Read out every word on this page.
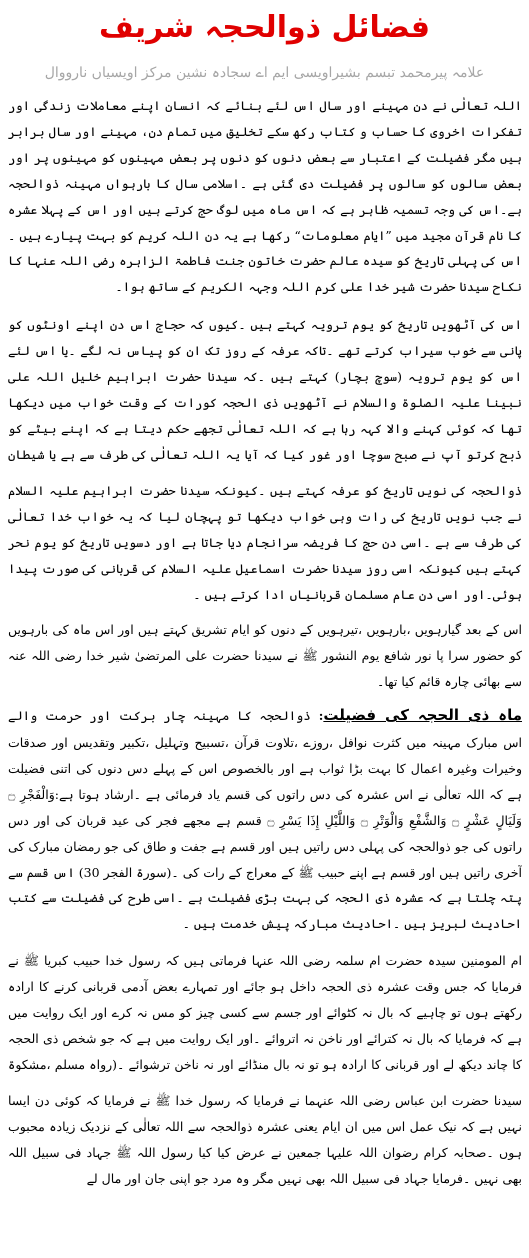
فضائل ذوالحجہ شریف
علامہ پیرمحمد تبسم بشیراویسی ایم اے سجادہ نشین مرکز اویسیاں نارووال

اللہ تعالٰی نے دن مہینے اور سال اس لئے بنائے کہ انسان اپنے معاملات زندگی اور تفکرات اخروی کا حساب و کتاب رکھ سکے تخلیق میں تمام دن، مہینے اور سال برابر ہیں مگر فضیلت کے اعتبار سے بعض دنوں کو دنوں پر بعض مہینوں کو مہینوں پر اور بعض سالوں کو سالوں پر فضیلت دی گئی ہے ۔اسلامی سال کا بارہواں مہینہ ذوالحجہ ہے۔اس کی وجہ تسمیہ ظاہر ہے کہ اس ماہ میں لوگ حج کرتے ہیں اور اس کے پہلا عشرہ کا نام قرآن مجید میں ”ایام معلومات“ رکھا ہے یہ دن اللہ کریم کو بہت پیارے ہیں ۔اس کی پہلی تاریخ کو سیدہ عالم حضرت خاتون جنت فاطمۃ الزاہرہ رضی اللہ عنہا کا نکاح سیدنا حضرت شیر خدا علی کرم اللہ وجہہ الکریم کے ساتھ ہوا۔

اس کی آٹھویں تاریخ کو یوم ترویہ کہتے ہیں ۔کیوں کہ حجاج اس دن اپنے اونٹوں کو پانی سے خوب سیراب کرتے تھے ۔تاکہ عرفہ کے روز تک ان کو پیاس نہ لگے ۔یا اس لئے اس کو یوم ترویہ (سوچ بچار) کہتے ہیں ۔کہ سیدنا حضرت ابراہیم خلیل اللہ علی نبینا علیہ الصلوۃ والسلام نے آٹھویں ذی الحجہ کورات کے وقت خواب میں دیکھا تھا کہ کوئی کہنے والا کہہ رہا ہے کہ اللہ تعالٰی تجھے حکم دیتا ہے کہ اپنے بیٹے کو ذبح کرتو آپ نے صبح سوچا اور غور کیا کہ آیا یہ اللہ تعالٰی کی طرف سے ہے یا شیطان

ذوالحجہ کی نویں تاریخ کو عرفہ کہتے ہیں ۔کیونکہ سیدنا حضرت ابراہیم علیہ السلام نے جب نویں تاریخ کی رات وہی خواب دیکھا تو پہچان لیا کہ یہ خواب خدا تعالٰی کی طرف سے ہے ۔اسی دن حج کا فریضہ سرانجام دیا جاتا ہے اور دسویں تاریخ کو یوم نحر کہتے ہیں کیونکہ اسی روز سیدنا حضرت اسماعیل علیہ السلام کی قربانی کی صورت پیدا ہوئی۔اور اسی دن عام مسلمان قربانیاں ادا کرتے ہیں ۔

اس کے بعد گیارہویں ،بارہویں ،تیرہویں کے دنوں کو ایام تشریق کہتے ہیں اور اس ماہ کی بارہویں کو حضور سرا پا نور شافع یوم النشور ﷺ نے سیدنا حضرت علی المرتضیٰ شیر خدا رضی اللہ عنہ سے بھائی چارہ قائم کیا تھا۔

ماہ ذی الحجہ کی فضیلت: ذوالحجہ کا مہینہ چار برکت اور حرمت والے

اس مبارک مہینہ میں کثرت نوافل ،روزے ،تلاوت قرآن ،تسبیح وتہلیل ،تکبیر وتقدیس اور صدقات وخیرات وغیرہ اعمال کا بہت بڑا ثواب ہے اور بالخصوص اس کے پہلے دس دنوں کی اتنی فضیلت ہے کہ اللہ تعالٰی نے اس عشرہ کی دس راتوں کی قسم یاد فرمائی ہے ۔ارشاد ہوتا ہے:وَالْفَجْرِ ۝ وَلَيَالٍ عَشْرٍ ۝ وَالشَّفْعِ وَالْوَتْرِ ۝ وَاللَّيْلِ إِذَا يَسْرِ ۝ قسم ہے مجھے فجر کی عید قربان کی اور دس راتوں کی جو ذوالحجہ کی پہلی دس راتیں ہیں اور قسم ہے جفت و طاق کی جو رمضان مبارک کی آخری راتیں ہیں اور قسم ہے اپنے حبیب ﷺ کے معراج کے رات کی ۔(سورۃ الفجر 30) اس قسم سے پتہ چلتا ہے کہ عشرہ ذی الحجہ کی بہت بڑی فضیلت ہے ۔اسی طرح کی فضیلت سے کتب احادیث لبریز ہیں ۔احادیث مبارکہ پیش خدمت ہیں ۔

ام المومنین سیدہ حضرت ام سلمہ رضی اللہ عنہا فرماتی ہیں کہ رسول خدا حبیب کبریا ﷺ نے فرمایا کہ جس وقت عشرہ ذی الحجہ داخل ہو جائے اور تمہارے بعض آدمی قربانی کرنے کا ارادہ رکھتے ہوں تو چاہیے کہ بال نہ کٹوائے اور جسم سے کسی چیز کو مس نہ کرے اور ایک روایت میں ہے کہ فرمایا کہ بال نہ کترائے اور ناخن نہ اتروائے ۔اور ایک روایت میں ہے کہ جو شخص ذی الحجہ کا چاند دیکھ لے اور قربانی کا ارادہ ہو تو نہ بال منڈائے اور نہ ناخن ترشوائے ۔(رواہ مسلم ،مشکوۃ

سیدنا حضرت ابن عباس رضی اللہ عنہما نے فرمایا کہ رسول خدا ﷺ نے فرمایا کہ کوئی دن ایسا نہیں ہے کہ نیک عمل اس میں ان ایام یعنی عشرہ ذوالحجہ سے اللہ تعالٰی کے نزدیک زیادہ محبوب ہوں ۔صحابہ کرام رضوان اللہ علیہا جمعین نے عرض کیا کیا رسول اللہ ﷺ جہاد فی سبیل اللہ بھی نہیں ۔فرمایا جہاد فی سبیل اللہ بھی نہیں مگر وہ مرد جو اپنی جان اور مال لے
